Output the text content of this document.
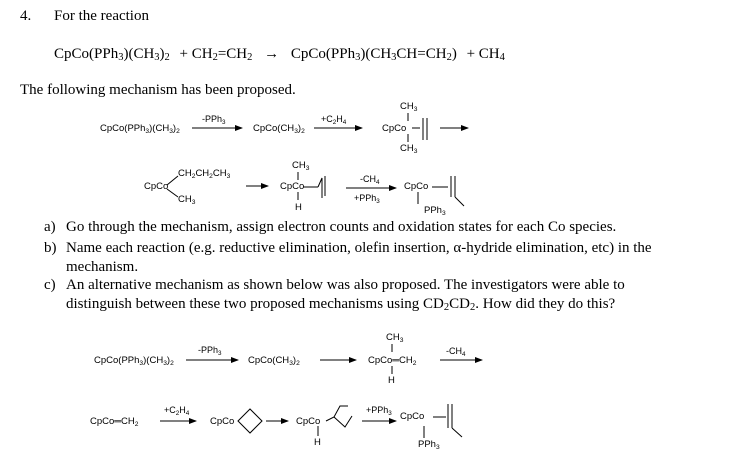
4. For the reaction
$CpCo(PPh_3)(CH_3)_2 + CH_2=CH_2$ → $CpCo(PPh_3)(CH_3CH=CH_2) + CH_4$
The following mechanism has been proposed.
$CpCo(PPh_3)(CH_3)_2$
-PPh$_3$
$CpCo(CH_3)_2$
$+C_2H_4$
$CH_3$
CpCo
$CH_3$
$CH_2CH_2CH_3$
CpCo
$CH_3$
$CH_3$
CpCo
H
$-CH_4$
+PPh$_3$
CpCo
PPh$_3$
a) Go through the mechanism, assign electron counts and oxidation states for each Co species.
b) Name each reaction (e.g. reductive elimination, olefin insertion, α-hydride elimination, etc) in the
mechanism.
c) An alternative mechanism as shown below was also proposed. The investigators were able to
distinguish between these two proposed mechanisms using $CD_2CD_2$. How did they do this?
$CpCo(PPh_3)(CH_3)_2$
-PPh$_3$
$CpCo(CH_3)_2$
$CH_3$
$CpCo═CH_2$
H
$-CH_4$
$CpCo═CH_2$
$+C_2H_4$
CpCo	CpCo
H
+PPh$_3$ CpCo
PPh$_3$
